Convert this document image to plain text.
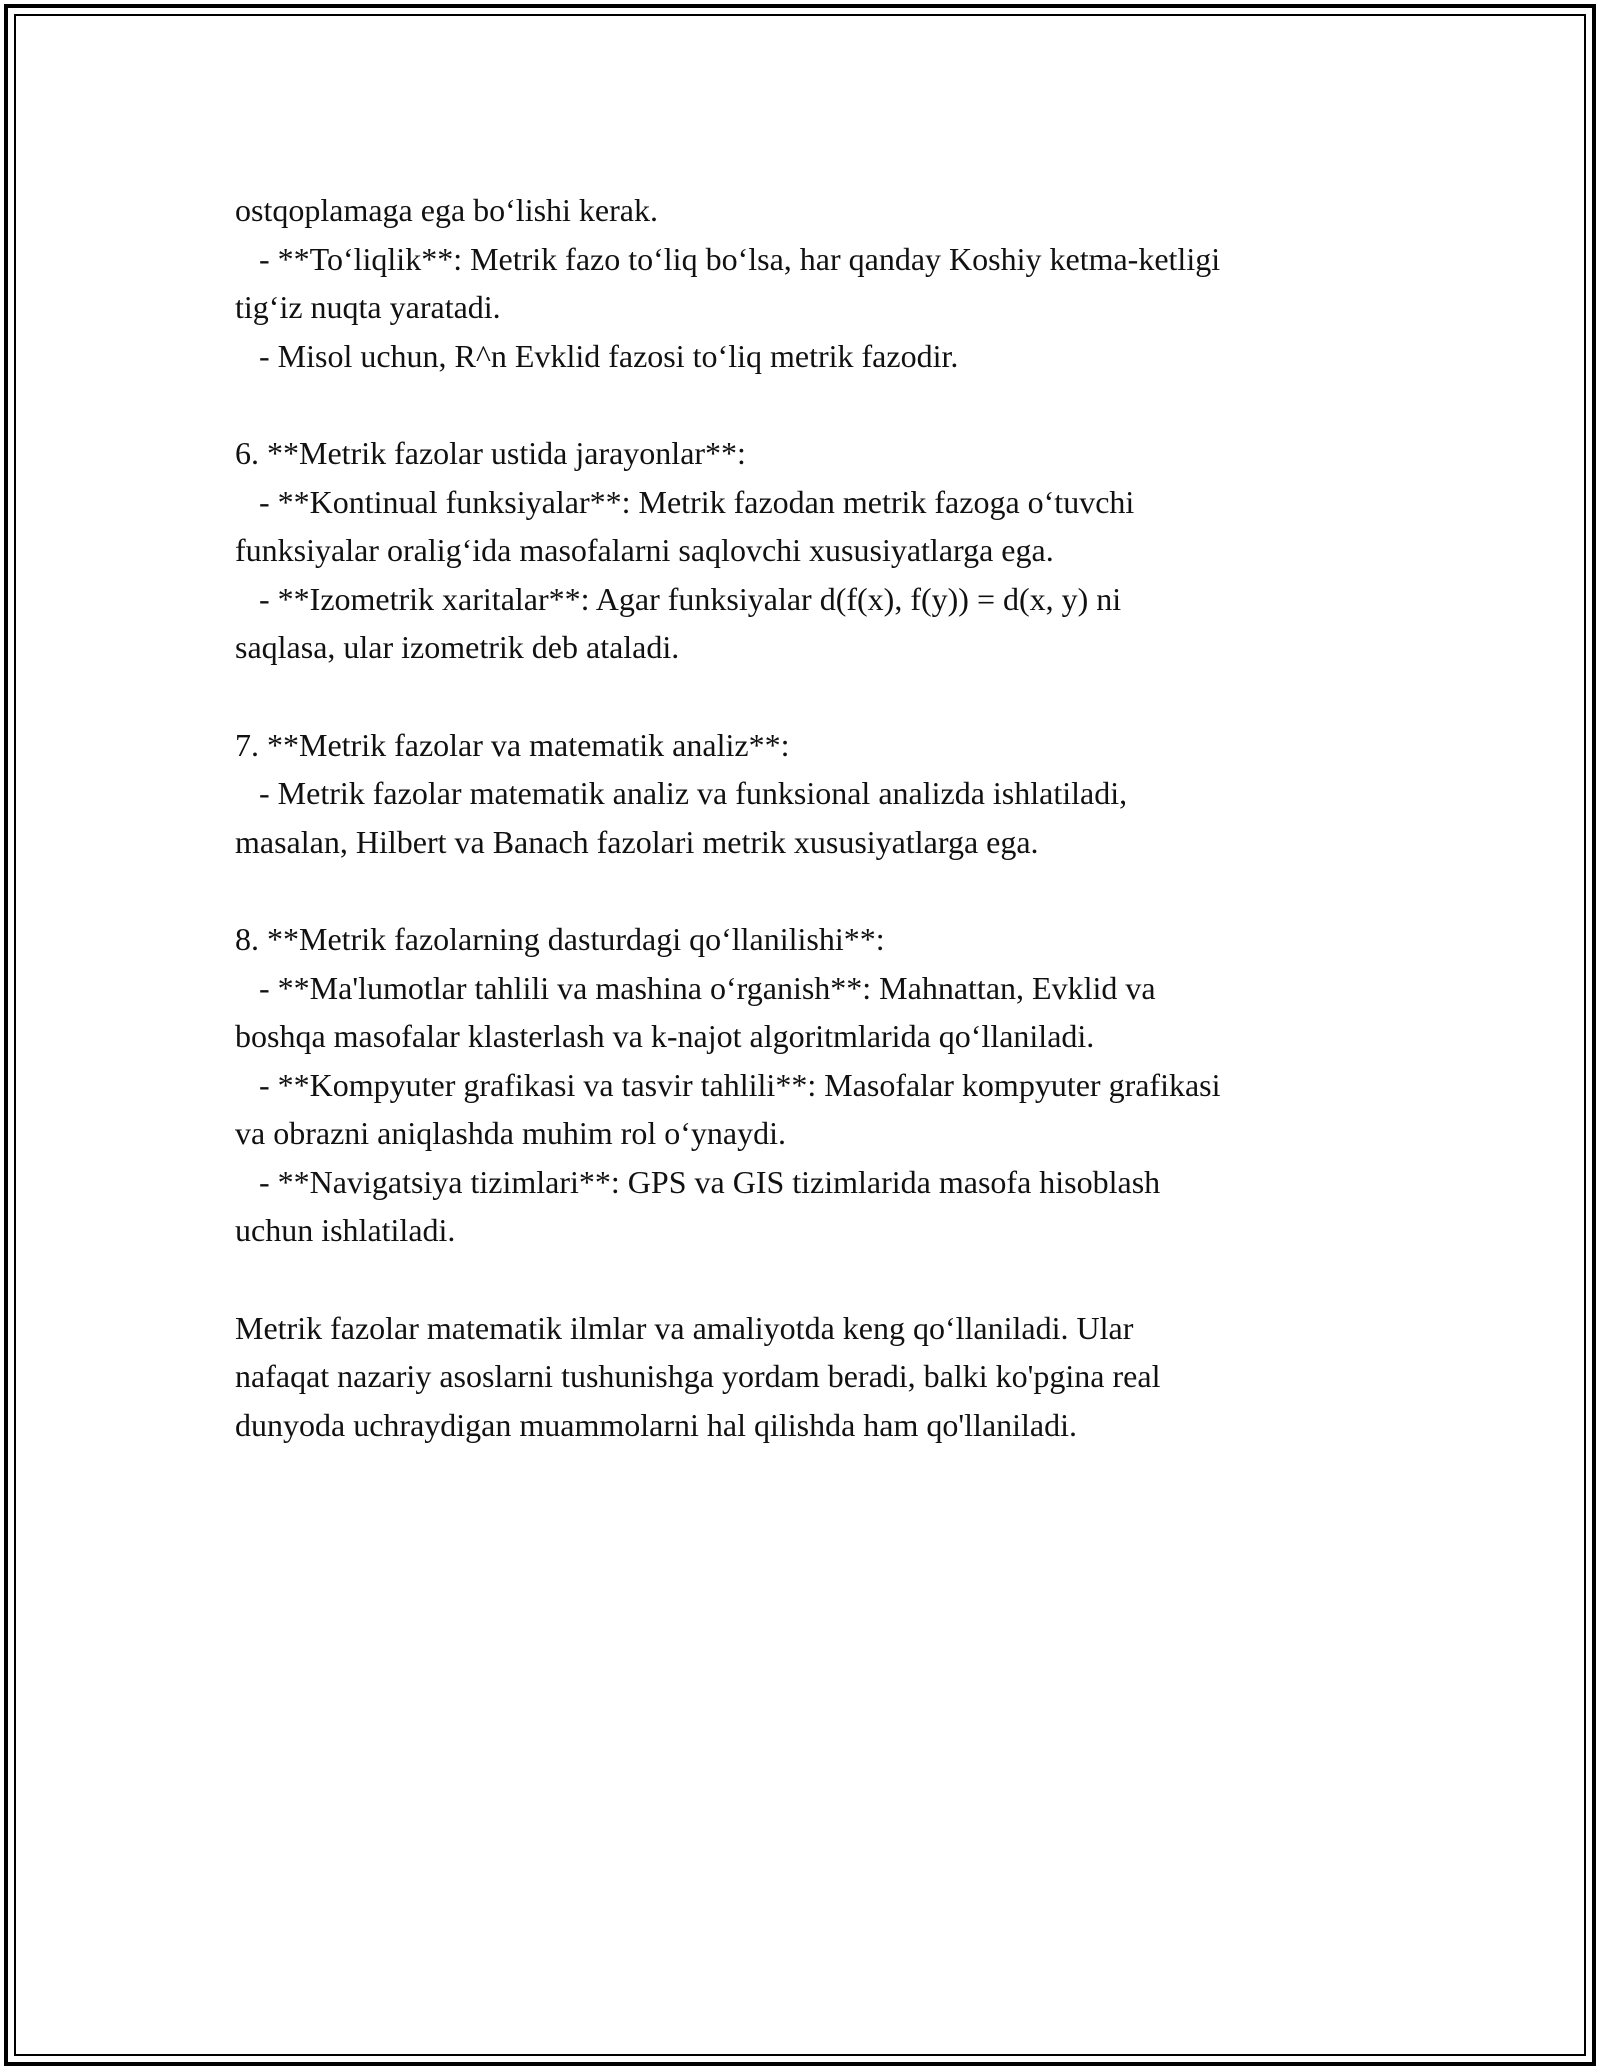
ostqoplamaga ega bo‘lishi kerak.
- **To‘liqlik**: Metrik fazo to‘liq bo‘lsa, har qanday Koshiy ketma-ketligi
tig‘iz nuqta yaratadi.
- Misol uchun, R^n Evklid fazosi to‘liq metrik fazodir.
6. **Metrik fazolar ustida jarayonlar**:
- **Kontinual funksiyalar**: Metrik fazodan metrik fazoga o‘tuvchi
funksiyalar oralig‘ida masofalarni saqlovchi xususiyatlarga ega.
- **Izometrik xaritalar**: Agar funksiyalar d(f(x), f(y)) = d(x, y) ni
saqlasa, ular izometrik deb ataladi.
7. **Metrik fazolar va matematik analiz**:
- Metrik fazolar matematik analiz va funksional analizda ishlatiladi,
masalan, Hilbert va Banach fazolari metrik xususiyatlarga ega.
8. **Metrik fazolarning dasturdagi qo‘llanilishi**:
- **Ma'lumotlar tahlili va mashina o‘rganish**: Mahnattan, Evklid va
boshqa masofalar klasterlash va k-najot algoritmlarida qo‘llaniladi.
- **Kompyuter grafikasi va tasvir tahlili**: Masofalar kompyuter grafikasi
va obrazni aniqlashda muhim rol o‘ynaydi.
- **Navigatsiya tizimlari**: GPS va GIS tizimlarida masofa hisoblash
uchun ishlatiladi.
Metrik fazolar matematik ilmlar va amaliyotda keng qo‘llaniladi. Ular
nafaqat nazariy asoslarni tushunishga yordam beradi, balki ko'pgina real
dunyoda uchraydigan muammolarni hal qilishda ham qo'llaniladi.
